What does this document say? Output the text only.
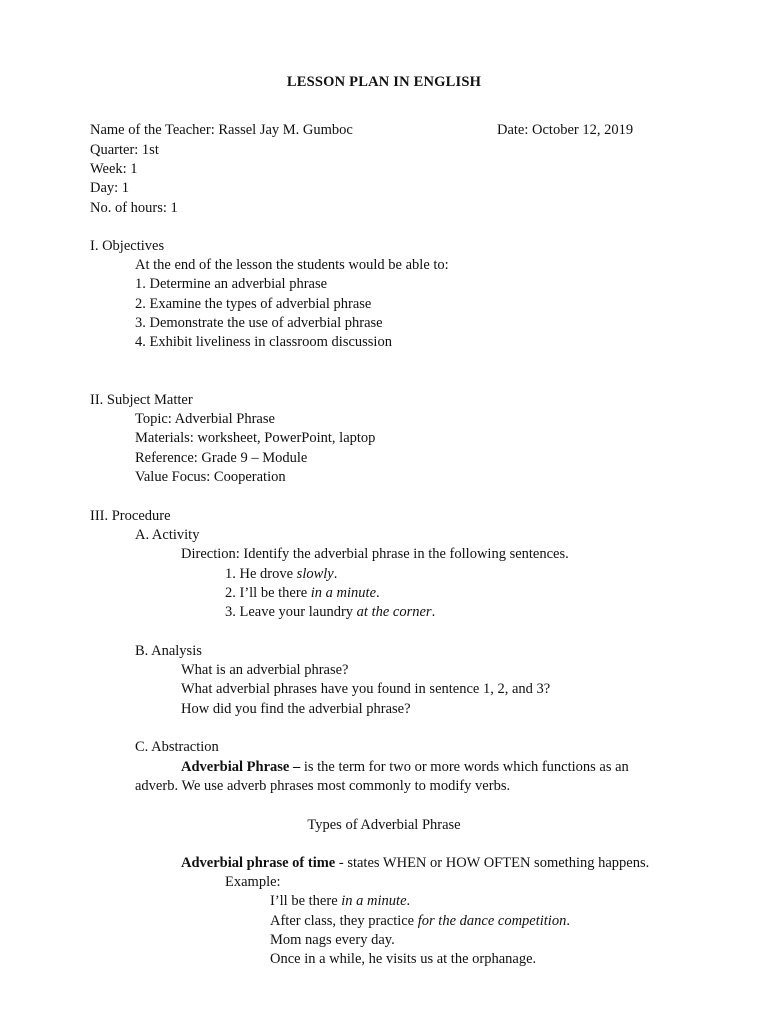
LESSON PLAN IN ENGLISH
Name of the Teacher: Rassel Jay M. Gumboc	Date: October 12, 2019
Quarter: 1st
Week: 1
Day: 1
No. of hours: 1
I. Objectives
At the end of the lesson the students would be able to:
1. Determine an adverbial phrase
2. Examine the types of adverbial phrase
3. Demonstrate the use of adverbial phrase
4. Exhibit liveliness in classroom discussion
II. Subject Matter
Topic: Adverbial Phrase
Materials: worksheet, PowerPoint, laptop
Reference: Grade 9 – Module
Value Focus: Cooperation
III. Procedure
A. Activity
Direction: Identify the adverbial phrase in the following sentences.
1. He drove slowly.
2. I’ll be there in a minute.
3. Leave your laundry at the corner.
B. Analysis
What is an adverbial phrase?
What adverbial phrases have you found in sentence 1, 2, and 3?
How did you find the adverbial phrase?
C. Abstraction
Adverbial Phrase – is the term for two or more words which functions as an
adverb. We use adverb phrases most commonly to modify verbs.
Types of Adverbial Phrase
Adverbial phrase of time - states WHEN or HOW OFTEN something happens.
Example:
I’ll be there in a minute.
After class, they practice for the dance competition.
Mom nags every day.
Once in a while, he visits us at the orphanage.
